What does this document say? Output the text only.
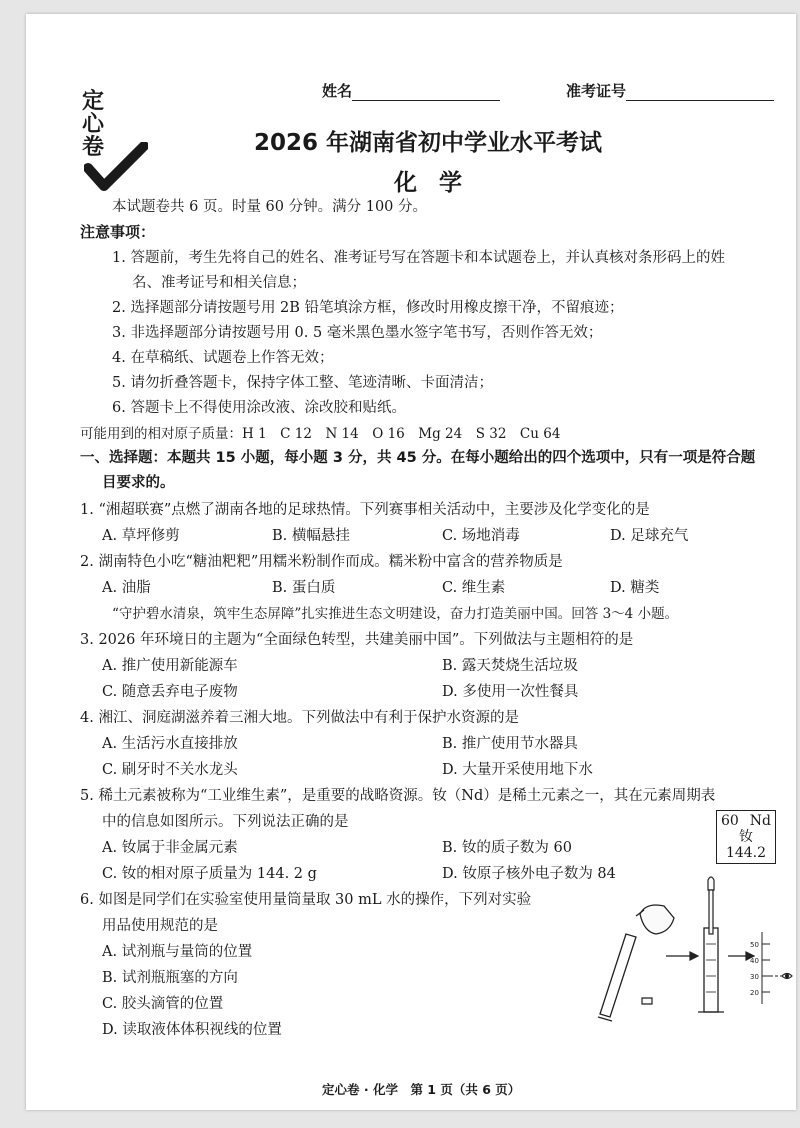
姓名	准考证号
定
心
卷	2026 年湖南省初中学业水平考试
化学
本试题卷共 6 页。时量 60 分钟。满分 100 分。
注意事项：
1. 答题前，考生先将自己的姓名、准考证号写在答题卡和本试题卷上，并认真核对条形码上的姓
名、准考证号和相关信息；
2. 选择题部分请按题号用 2B 铅笔填涂方框，修改时用橡皮擦干净，不留痕迹；
3. 非选择题部分请按题号用 0. 5 毫米黑色墨水签字笔书写，否则作答无效；
4. 在草稿纸、试题卷上作答无效；
5. 请勿折叠答题卡，保持字体工整、笔迹清晰、卡面清洁；
6. 答题卡上不得使用涂改液、涂改胶和贴纸。
可能用到的相对原子质量：H 1　C 12　N 14　O 16　Mg 24　S 32　Cu 64
一、选择题：本题共 15 小题，每小题 3 分，共 45 分。在每小题给出的四个选项中，只有一项是符合题
目要求的。
1. “湘超联赛”点燃了湖南各地的足球热情。下列赛事相关活动中，主要涉及化学变化的是
A. 草坪修剪	B. 横幅悬挂	C. 场地消毒	D. 足球充气
2. 湖南特色小吃“糖油粑粑”用糯米粉制作而成。糯米粉中富含的营养物质是
A. 油脂	B. 蛋白质	C. 维生素	D. 糖类
“守护碧水清泉，筑牢生态屏障”扎实推进生态文明建设，奋力打造美丽中国。回答 3～4 小题。
3. 2026 年环境日的主题为“全面绿色转型，共建美丽中国”。下列做法与主题相符的是
A. 推广使用新能源车	B. 露天焚烧生活垃圾
C. 随意丢弃电子废物	D. 多使用一次性餐具
4. 湘江、洞庭湖滋养着三湘大地。下列做法中有利于保护水资源的是
A. 生活污水直接排放	B. 推广使用节水器具
C. 刷牙时不关水龙头	D. 大量开采使用地下水
5. 稀土元素被称为“工业维生素”，是重要的战略资源。钕（Nd）是稀土元素之一，其在元素周期表
中的信息如图所示。下列说法正确的是
A. 钕属于非金属元素	B. 钕的质子数为 60
C. 钕的相对原子质量为 144. 2 g	D. 钕原子核外电子数为 84
60 Nd
钕
144.2
6. 如图是同学们在实验室使用量筒量取 30 mL 水的操作，下列对实验
用品使用规范的是
A. 试剂瓶与量筒的位置
B. 试剂瓶瓶塞的方向
C. 胶头滴管的位置
D. 读取液体体积视线的位置
50
40
30
20
定心卷 · 化学　第 1 页（共 6 页）
